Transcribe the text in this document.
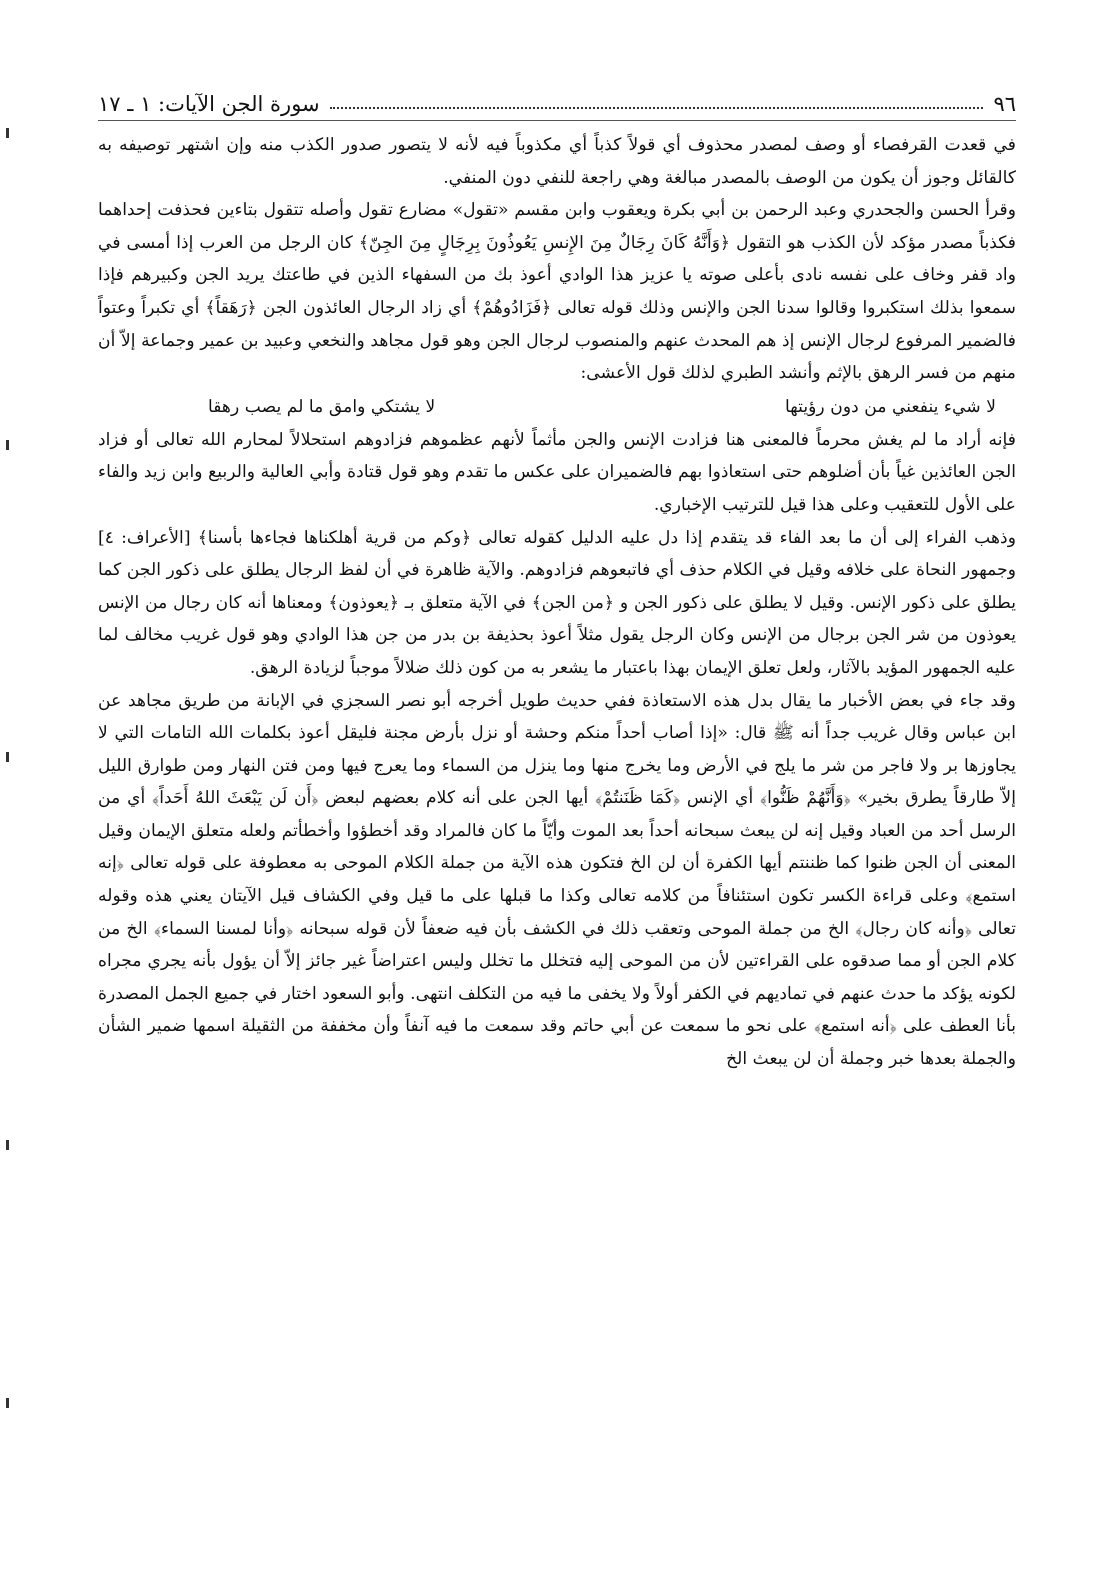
٩٦
سورة الجن الآيات: ١ ـ ١٧

في قعدت القرفصاء أو وصف لمصدر محذوف أي قولاً كذباً أي مكذوباً فيه لأنه لا يتصور صدور الكذب منه وإن اشتهر توصيفه به كالقائل وجوز أن يكون من الوصف بالمصدر مبالغة وهي راجعة للنفي دون المنفي.

وقرأ الحسن والجحدري وعبد الرحمن بن أبي بكرة ويعقوب وابن مقسم «تقول» مضارع تقول وأصله تتقول بتاءين فحذفت إحداهما فكذباً مصدر مؤكد لأن الكذب هو التقول ﴿وَأَنَّهُ كَانَ رِجَالٌ مِنَ الإِنسِ يَعُوذُونَ بِرِجَالٍ مِنَ الجِنّ﴾ كان الرجل من العرب إذا أمسى في واد قفر وخاف على نفسه نادى بأعلى صوته يا عزيز هذا الوادي أعوذ بك من السفهاء الذين في طاعتك يريد الجن وكبيرهم فإذا سمعوا بذلك استكبروا وقالوا سدنا الجن والإنس وذلك قوله تعالى ﴿فَزَادُوهُمْ﴾ أي زاد الرجال العائذون الجن ﴿رَهَقاً﴾ أي تكبراً وعتواً فالضمير المرفوع لرجال الإنس إذ هم المحدث عنهم والمنصوب لرجال الجن وهو قول مجاهد والنخعي وعبيد بن عمير وجماعة إلاّ أن منهم من فسر الرهق بالإثم وأنشد الطبري لذلك قول الأعشى:

لا شيء ينفعني من دون رؤيتها
لا يشتكي وامق ما لم يصب رهقا

فإنه أراد ما لم يغش محرماً فالمعنى هنا فزادت الإنس والجن مأثماً لأنهم عظموهم فزادوهم استحلالاً لمحارم الله تعالى أو فزاد الجن العائذين غياً بأن أضلوهم حتى استعاذوا بهم فالضميران على عكس ما تقدم وهو قول قتادة وأبي العالية والربيع وابن زيد والفاء على الأول للتعقيب وعلى هذا قيل للترتيب الإخباري.

وذهب الفراء إلى أن ما بعد الفاء قد يتقدم إذا دل عليه الدليل كقوله تعالى ﴿وكم من قرية أهلكناها فجاءها بأسنا﴾ [الأعراف: ٤] وجمهور النحاة على خلافه وقيل في الكلام حذف أي فاتبعوهم فزادوهم. والآية ظاهرة في أن لفظ الرجال يطلق على ذكور الجن كما يطلق على ذكور الإنس. وقيل لا يطلق على ذكور الجن و ﴿من الجن﴾ في الآية متعلق بـ ﴿يعوذون﴾ ومعناها أنه كان رجال من الإنس يعوذون من شر الجن برجال من الإنس وكان الرجل يقول مثلاً أعوذ بحذيفة بن بدر من جن هذا الوادي وهو قول غريب مخالف لما عليه الجمهور المؤيد بالآثار، ولعل تعلق الإيمان بهذا باعتبار ما يشعر به من كون ذلك ضلالاً موجباً لزيادة الرهق.

وقد جاء في بعض الأخبار ما يقال بدل هذه الاستعاذة ففي حديث طويل أخرجه أبو نصر السجزي في الإبانة من طريق مجاهد عن ابن عباس وقال غريب جداً أنه ﷺ قال: «إذا أصاب أحداً منكم وحشة أو نزل بأرض مجنة فليقل أعوذ بكلمات الله التامات التي لا يجاوزها بر ولا فاجر من شر ما يلج في الأرض وما يخرج منها وما ينزل من السماء وما يعرج فيها ومن فتن النهار ومن طوارق الليل إلاّ طارقاً يطرق بخير» ﴿وَأَنَّهُمْ ظَنُّوا﴾ أي الإنس ﴿كَمَا ظَنَنتُمْ﴾ أيها الجن على أنه كلام بعضهم لبعض ﴿أَن لَن يَبْعَثَ اللهُ أَحَداً﴾ أي من الرسل أحد من العباد وقيل إنه لن يبعث سبحانه أحداً بعد الموت وأيّاً ما كان فالمراد وقد أخطؤوا وأخطأتم ولعله متعلق الإيمان وقيل المعنى أن الجن ظنوا كما ظننتم أيها الكفرة أن لن الخ فتكون هذه الآية من جملة الكلام الموحى به معطوفة على قوله تعالى ﴿إنه استمع﴾ وعلى قراءة الكسر تكون استئنافاً من كلامه تعالى وكذا ما قبلها على ما قيل وفي الكشاف قيل الآيتان يعني هذه وقوله تعالى ﴿وأنه كان رجال﴾ الخ من جملة الموحى وتعقب ذلك في الكشف بأن فيه ضعفاً لأن قوله سبحانه ﴿وأنا لمسنا السماء﴾ الخ من كلام الجن أو مما صدقوه على القراءتين لأن من الموحى إليه فتخلل ما تخلل وليس اعتراضاً غير جائز إلاّ أن يؤول بأنه يجري مجراه لكونه يؤكد ما حدث عنهم في تماديهم في الكفر أولاً ولا يخفى ما فيه من التكلف انتهى. وأبو السعود اختار في جميع الجمل المصدرة بأنا العطف على ﴿أنه استمع﴾ على نحو ما سمعت عن أبي حاتم وقد سمعت ما فيه آنفاً وأن مخففة من الثقيلة اسمها ضمير الشأن والجملة بعدها خبر وجملة أن لن يبعث الخ
